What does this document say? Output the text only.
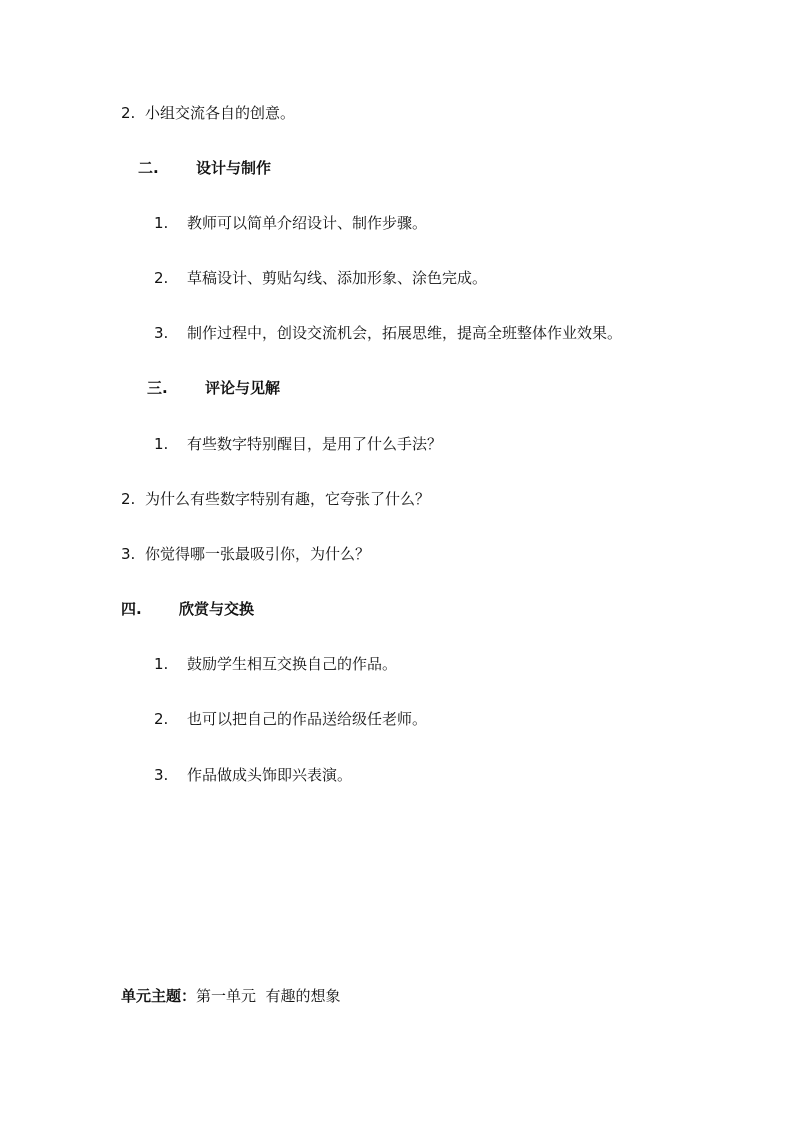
2. 小组交流各自的创意。
二. 设计与制作
1. 教师可以简单介绍设计、制作步骤。
2. 草稿设计、剪贴勾线、添加形象、涂色完成。
3. 制作过程中，创设交流机会，拓展思维，提高全班整体作业效果。
三. 评论与见解
1. 有些数字特别醒目，是用了什么手法？
2. 为什么有些数字特别有趣，它夸张了什么？
3. 你觉得哪一张最吸引你，为什么？
四. 欣赏与交换
1. 鼓励学生相互交换自己的作品。
2. 也可以把自己的作品送给级任老师。
3. 作品做成头饰即兴表演。
单元主题：第一单元  有趣的想象
